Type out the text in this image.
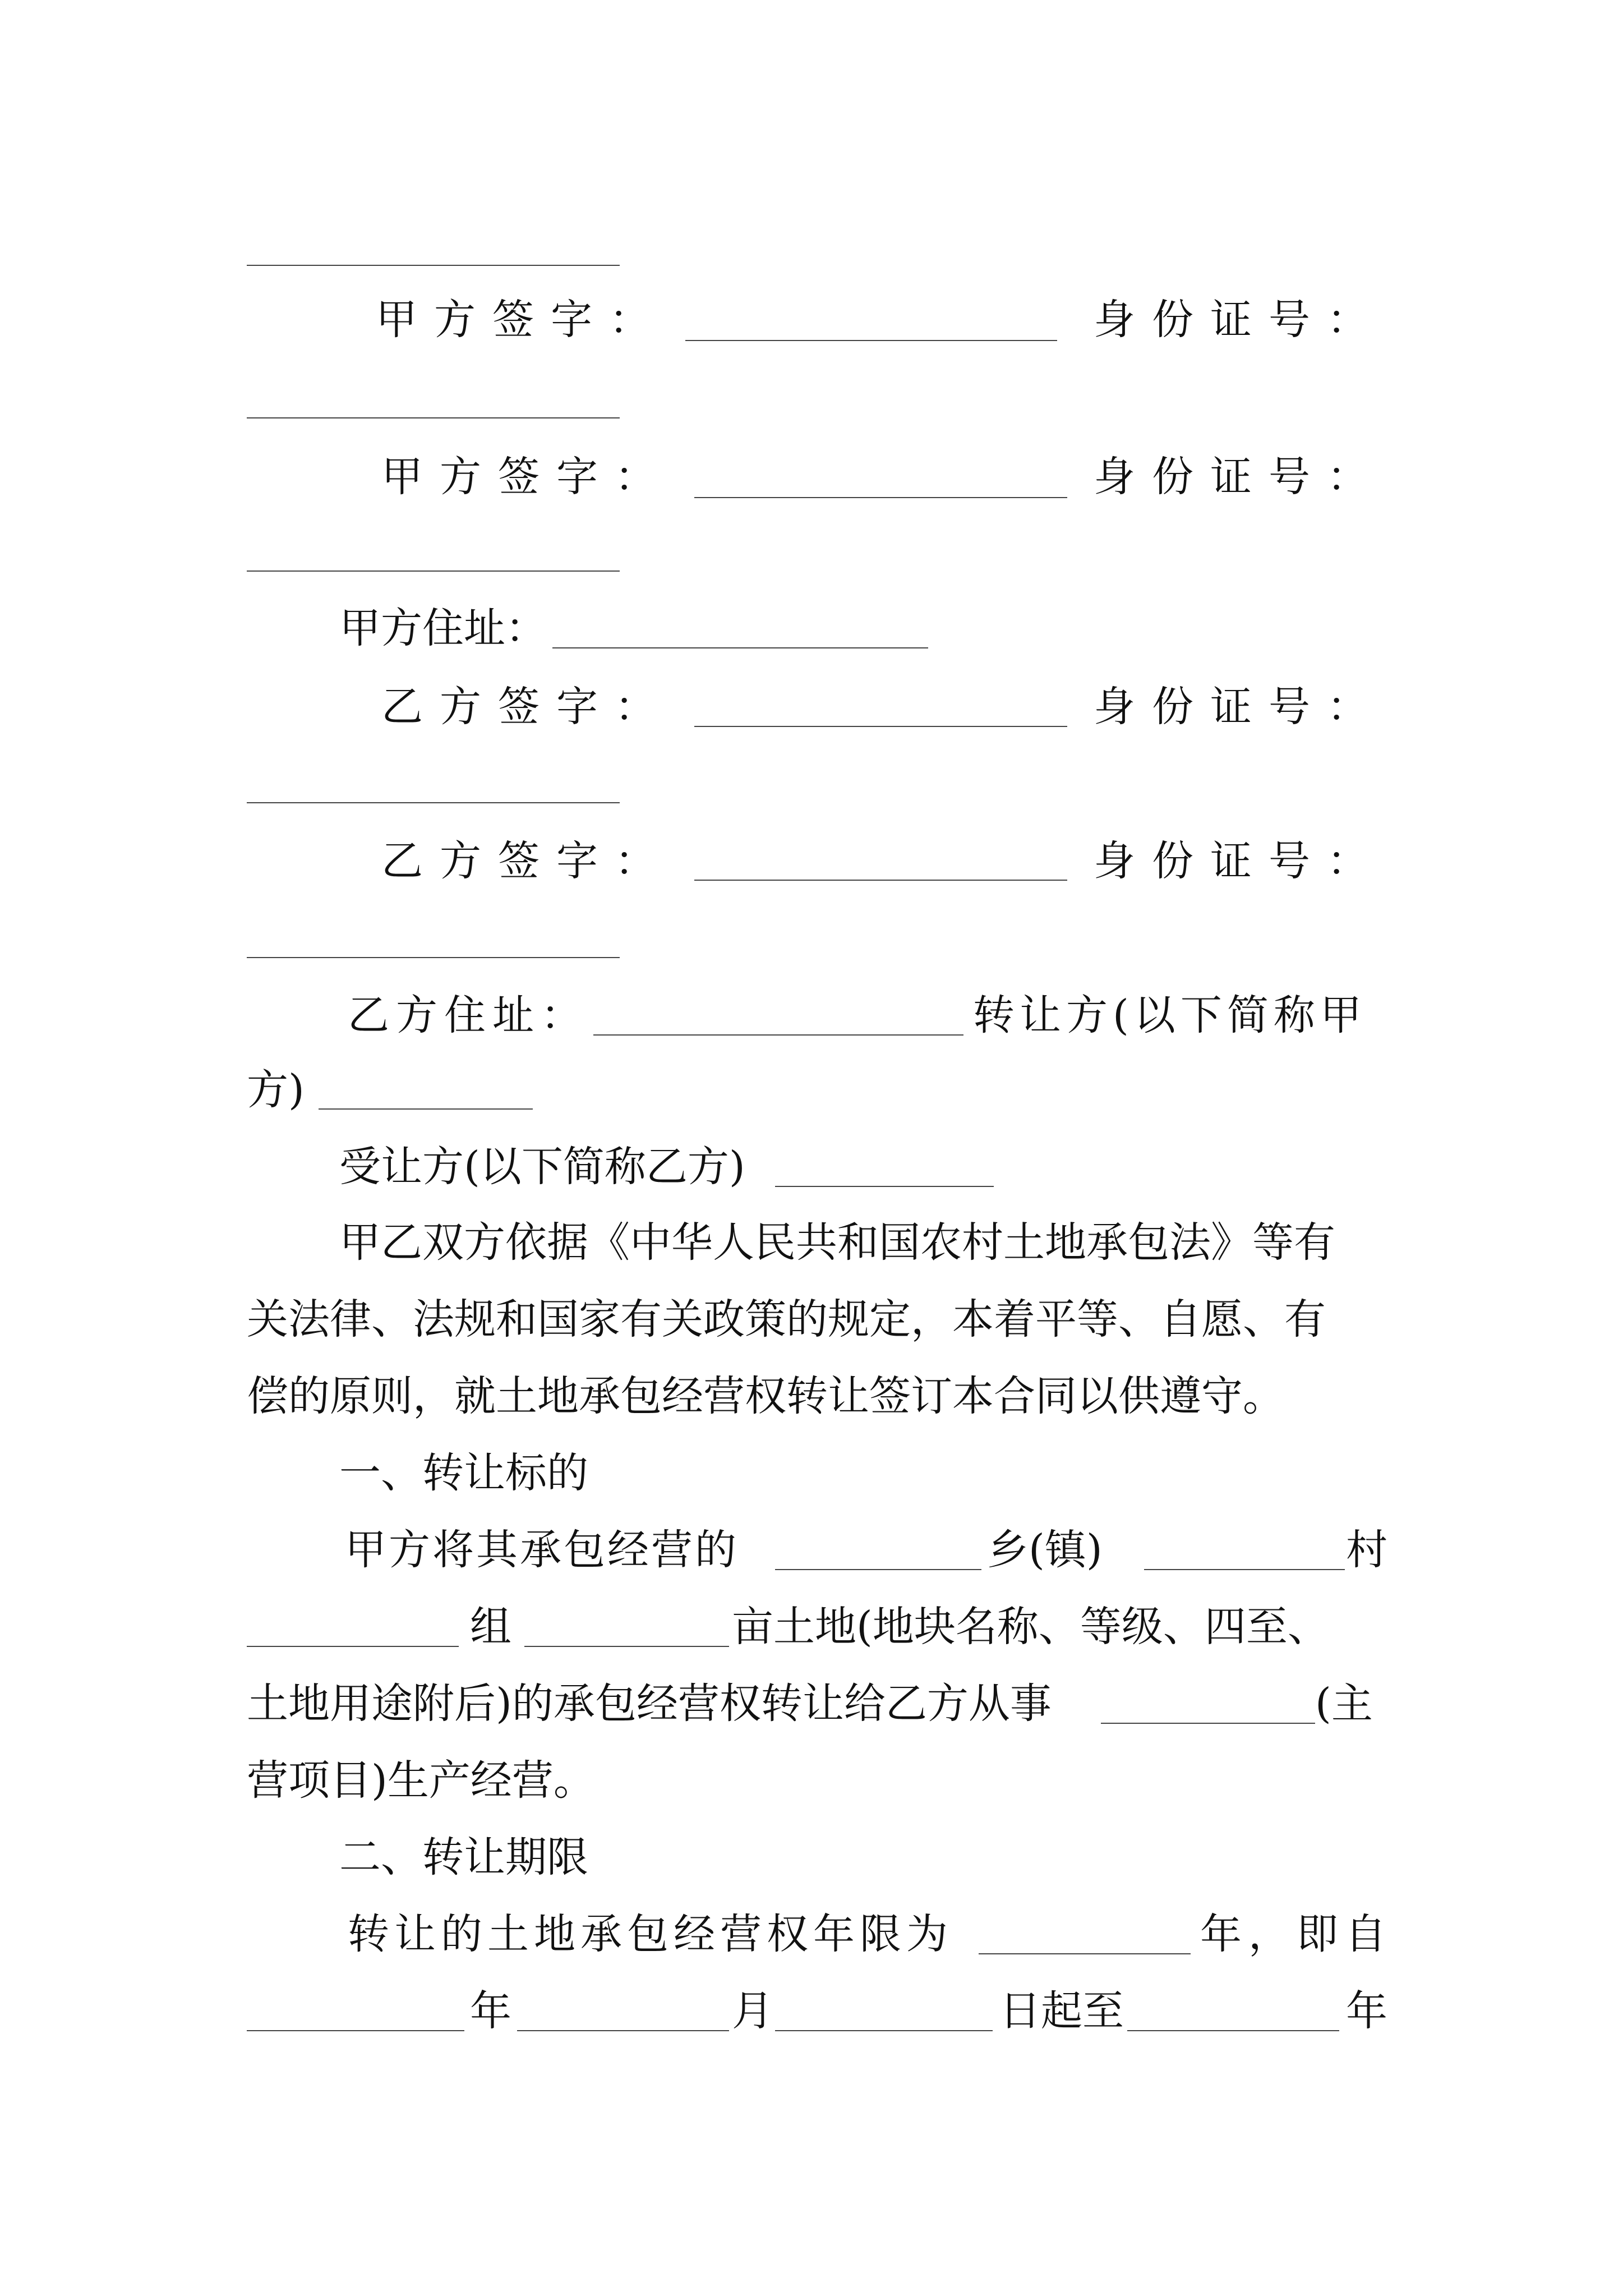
甲方签字：	身份证号：
甲方签字：	身份证号：
甲方住址：
乙方签字：	身份证号：
乙方签字：	身份证号：
乙方住址：	转让方(以下简称甲
方)
受让方(以下简称乙方)
甲乙双方依据《中华人民共和国农村土地承包法》等有
关法律、法规和国家有关政策的规定，本着平等、自愿、有
偿的原则，就土地承包经营权转让签订本合同以供遵守。
一、转让标的
甲方将其承包经营的	乡(镇)	村
组	亩土地(地块名称、等级、四至、
土地用途附后)的承包经营权转让给乙方从事	(主
营项目)生产经营。
二、转让期限
转让的土地承包经营权年限为	年，即自
年	月	日起至	年
